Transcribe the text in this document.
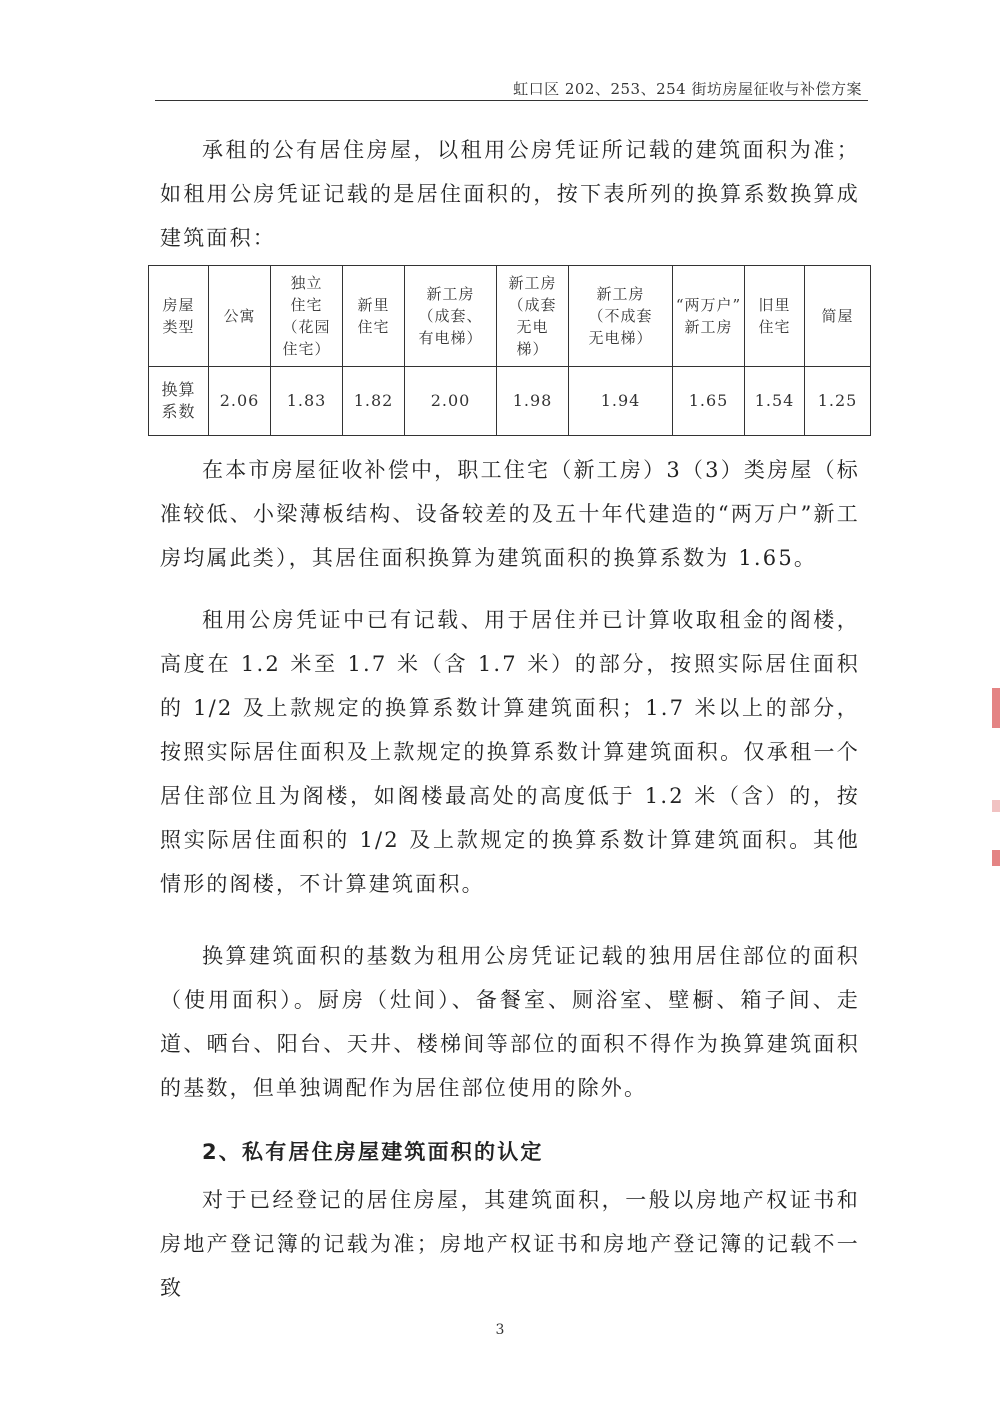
虹口区 202、253、254 街坊房屋征收与补偿方案

承租的公有居住房屋，以租用公房凭证所记载的建筑面积为准；如租用公房凭证记载的是居住面积的，按下表所列的换算系数换算成建筑面积：

房屋
类型	公寓	独立
住宅
（花园
住宅）	新里
住宅	新工房
（成套、
有电梯）	新工房
（成套
无电
梯）	新工房
（不成套
无电梯）	“两万户”
新工房	旧里
住宅	简屋
换算
系数	2.06	1.83	1.82	2.00	1.98	1.94	1.65	1.54	1.25

在本市房屋征收补偿中，职工住宅（新工房）3（3）类房屋（标准较低、小梁薄板结构、设备较差的及五十年代建造的“两万户”新工房均属此类），其居住面积换算为建筑面积的换算系数为 1.65。

租用公房凭证中已有记载、用于居住并已计算收取租金的阁楼，高度在 1.2 米至 1.7 米（含 1.7 米）的部分，按照实际居住面积的 1/2 及上款规定的换算系数计算建筑面积；1.7 米以上的部分，按照实际居住面积及上款规定的换算系数计算建筑面积。仅承租一个居住部位且为阁楼，如阁楼最高处的高度低于 1.2 米（含）的，按照实际居住面积的 1/2 及上款规定的换算系数计算建筑面积。其他情形的阁楼，不计算建筑面积。

换算建筑面积的基数为租用公房凭证记载的独用居住部位的面积（使用面积）。厨房（灶间）、备餐室、厕浴室、壁橱、箱子间、走道、晒台、阳台、天井、楼梯间等部位的面积不得作为换算建筑面积的基数，但单独调配作为居住部位使用的除外。

2、私有居住房屋建筑面积的认定

对于已经登记的居住房屋，其建筑面积，一般以房地产权证书和房地产登记簿的记载为准；房地产权证书和房地产登记簿的记载不一致

3
